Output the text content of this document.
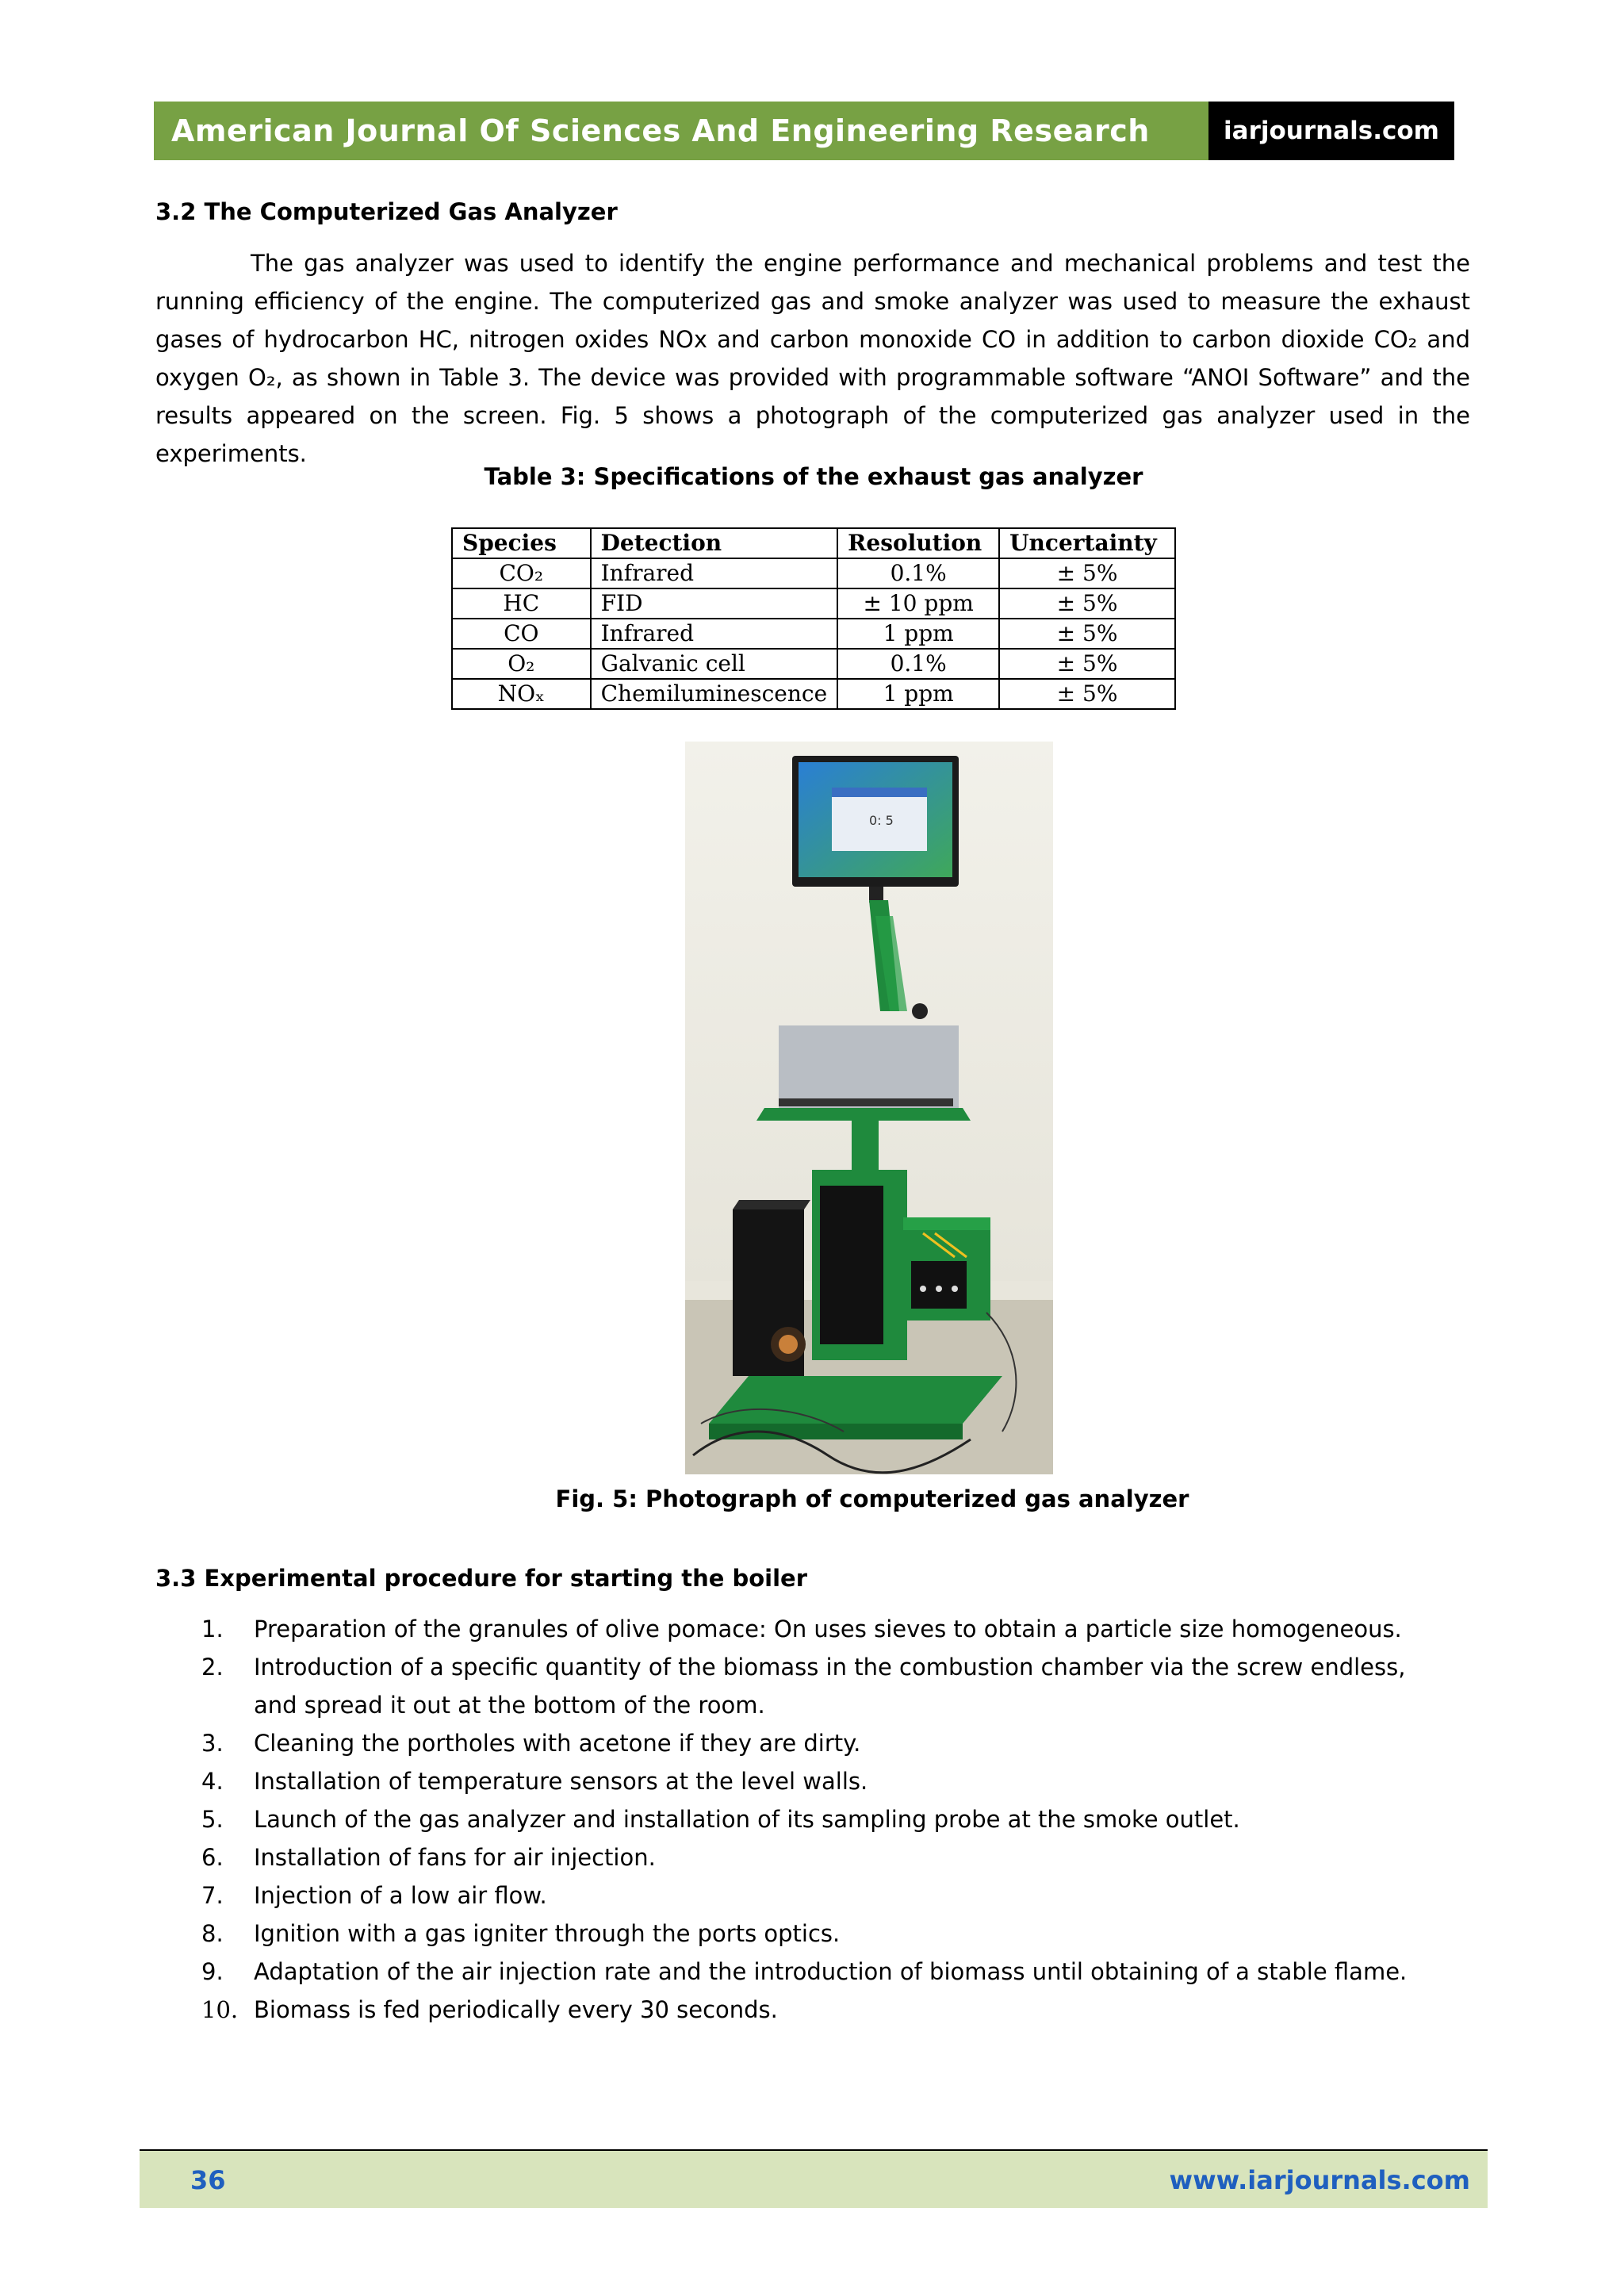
American Journal Of Sciences And Engineering Research	iarjournals.com
3.2 The Computerized Gas Analyzer
The gas analyzer was used to identify the engine performance and mechanical problems and test the running efficiency of the engine. The computerized gas and smoke analyzer was used to measure the exhaust gases of hydrocarbon HC, nitrogen oxides NOx and carbon monoxide CO in addition to carbon dioxide CO₂ and oxygen O₂, as shown in Table 3. The device was provided with programmable software “ANOI Software” and the results appeared on the screen. Fig. 5 shows a photograph of the computerized gas analyzer used in the experiments.
Table 3: Specifications of the exhaust gas analyzer
Species	Detection	Resolution	Uncertainty
CO₂	Infrared	0.1%	± 5%
HC	FID	± 10 ppm	± 5%
CO	Infrared	1 ppm	± 5%
O₂	Galvanic cell	0.1%	± 5%
NOₓ	Chemiluminescence	1 ppm	± 5%
0: 5
Fig. 5: Photograph of computerized gas analyzer
3.3 Experimental procedure for starting the boiler
1.	Preparation of the granules of olive pomace: On uses sieves to obtain a particle size homogeneous.
2.	Introduction of a specific quantity of the biomass in the combustion chamber via the screw endless, and spread it out at the bottom of the room.
3.	Cleaning the portholes with acetone if they are dirty.
4.	Installation of temperature sensors at the level walls.
5.	Launch of the gas analyzer and installation of its sampling probe at the smoke outlet.
6.	Installation of fans for air injection.
7.	Injection of a low air flow.
8.	Ignition with a gas igniter through the ports optics.
9.	Adaptation of the air injection rate and the introduction of biomass until obtaining of a stable flame.
10. Biomass is fed periodically every 30 seconds.
36	www.iarjournals.com
